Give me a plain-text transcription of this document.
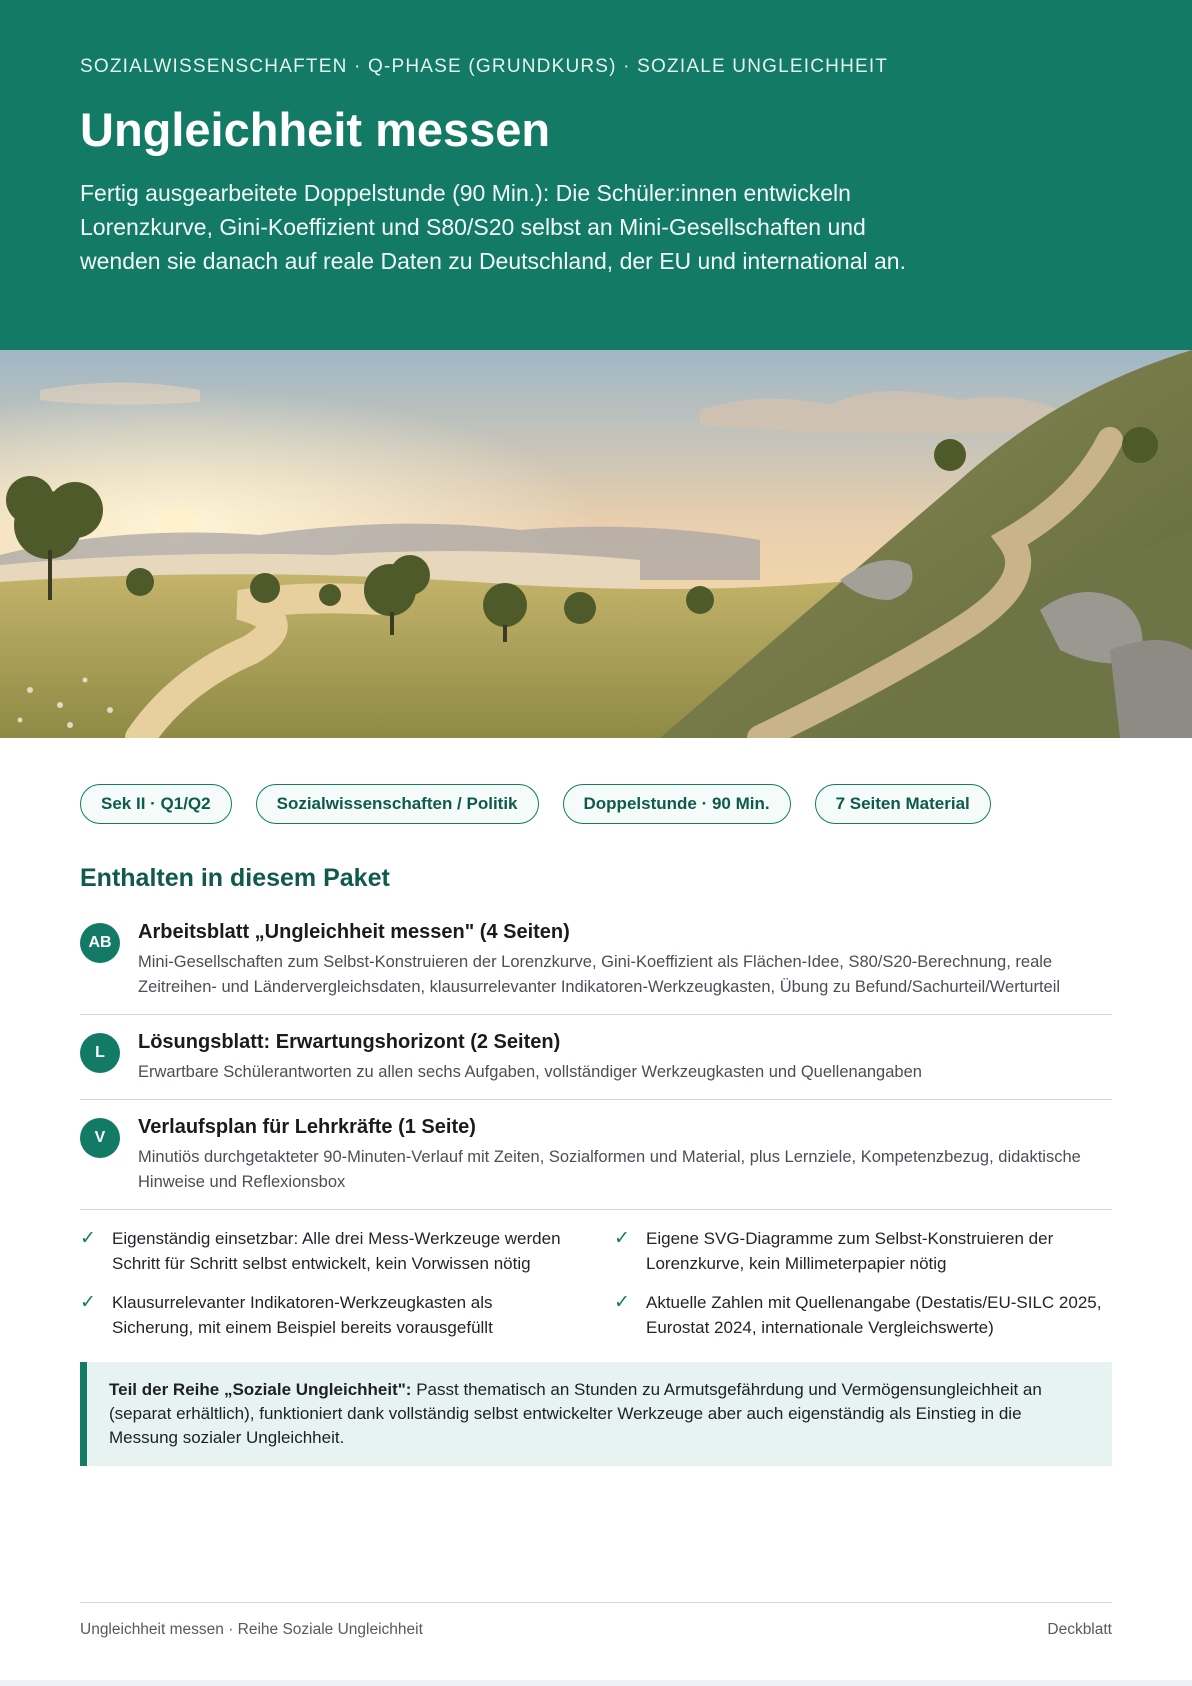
SOZIALWISSENSCHAFTEN · Q-PHASE (GRUNDKURS) · SOZIALE UNGLEICHHEIT

Ungleichheit messen

Fertig ausgearbeitete Doppelstunde (90 Min.): Die Schüler:innen entwickeln Lorenzkurve, Gini-Koeffizient und S80/S20 selbst an Mini-Gesellschaften und wenden sie danach auf reale Daten zu Deutschland, der EU und international an.

Sek II · Q1/Q2	Sozialwissenschaften / Politik	Doppelstunde · 90 Min.	7 Seiten Material
Enthalten in diesem Paket
AB	Arbeitsblatt „Ungleichheit messen" (4 Seiten)

Mini-Gesellschaften zum Selbst-Konstruieren der Lorenzkurve, Gini-Koeffizient als Flächen-Idee, S80/S20-Berechnung, reale Zeitreihen- und Ländervergleichsdaten, klausurrelevanter Indikatoren-Werkzeugkasten, Übung zu Befund/Sachurteil/Werturteil
L	Lösungsblatt: Erwartungshorizont (2 Seiten)

Erwartbare Schülerantworten zu allen sechs Aufgaben, vollständiger Werkzeugkasten und Quellenangaben
V	Verlaufsplan für Lehrkräfte (1 Seite)

Minutiös durchgetakteter 90-Minuten-Verlauf mit Zeiten, Sozialformen und Material, plus Lernziele, Kompetenzbezug, didaktische Hinweise und Reflexionsbox
✓ Eigenständig einsetzbar: Alle drei Mess-Werkzeuge werden Schritt für Schritt selbst entwickelt, kein Vorwissen nötig
✓ Eigene SVG-Diagramme zum Selbst-Konstruieren der Lorenzkurve, kein Millimeterpapier nötig
✓ Klausurrelevanter Indikatoren-Werkzeugkasten als Sicherung, mit einem Beispiel bereits vorausgefüllt
✓ Aktuelle Zahlen mit Quellenangabe (Destatis/EU-SILC 2025, Eurostat 2024, internationale Vergleichswerte)
Teil der Reihe „Soziale Ungleichheit": Passt thematisch an Stunden zu Armutsgefährdung und Vermögensungleichheit an (separat erhältlich), funktioniert dank vollständig selbst entwickelter Werkzeuge aber auch eigenständig als Einstieg in die Messung sozialer Ungleichheit.
Ungleichheit messen · Reihe Soziale Ungleichheit	Deckblatt
